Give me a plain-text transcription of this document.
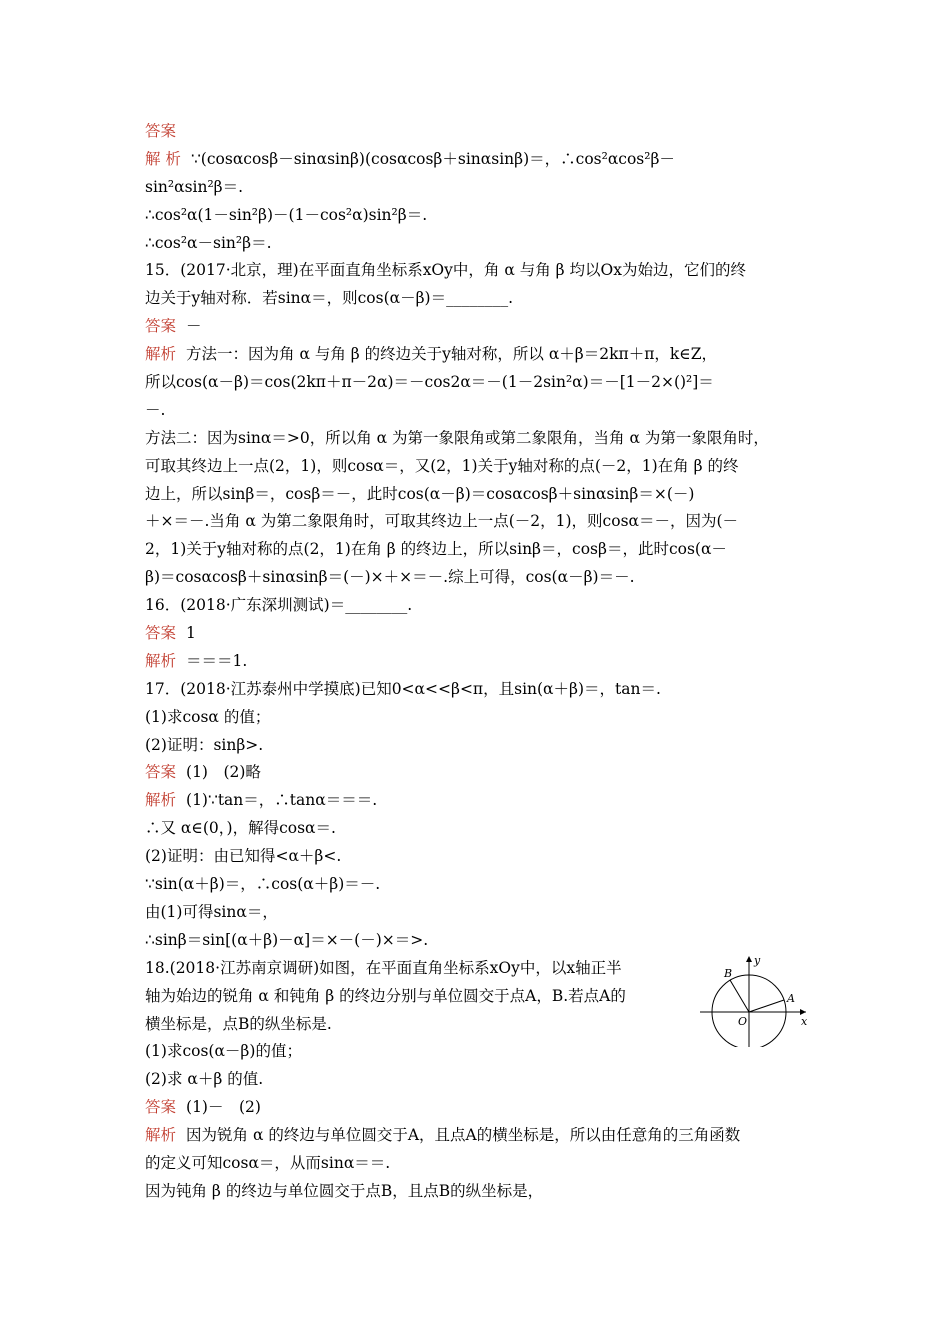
答案
解 析 ∵(cosαcosβ－sinαsinβ)(cosαcosβ＋sinαsinβ)＝，∴cos²αcos²β－
sin²αsin²β＝.
∴cos²α(1－sin²β)－(1－cos²α)sin²β＝.
∴cos²α－sin²β＝.
15．(2017·北京，理)在平面直角坐标系xOy中，角 α 与角 β 均以Ox为始边，它们的终
边关于y轴对称．若sinα＝，则cos(α－β)＝________.
答案 －
解析 方法一：因为角 α 与角 β 的终边关于y轴对称，所以 α＋β＝2kπ＋π，k∈Z，
所以cos(α－β)＝cos(2kπ＋π－2α)＝－cos2α＝－(1－2sin²α)＝－[1－2×()²]＝
－.
方法二：因为sinα＝>0，所以角 α 为第一象限角或第二象限角，当角 α 为第一象限角时，
可取其终边上一点(2，1)，则cosα＝，又(2，1)关于y轴对称的点(－2，1)在角 β 的终
边上，所以sinβ＝，cosβ＝－，此时cos(α－β)＝cosαcosβ＋sinαsinβ＝×(－)
＋×＝－.当角 α 为第二象限角时，可取其终边上一点(－2，1)，则cosα＝－，因为(－
2，1)关于y轴对称的点(2，1)在角 β 的终边上，所以sinβ＝，cosβ＝，此时cos(α－
β)＝cosαcosβ＋sinαsinβ＝(－)×＋×＝－.综上可得，cos(α－β)＝－.
16．(2018·广东深圳测试)＝________.
答案 1
解析 ＝＝＝1.
17．(2018·江苏泰州中学摸底)已知0<α<<β<π，且sin(α＋β)＝，tan＝.
(1)求cosα 的值；
(2)证明：sinβ>.
答案 (1)　(2)略
解析 (1)∵tan＝，∴tanα＝＝＝.
∴又 α∈(0，)，解得cosα＝.
(2)证明：由已知得<α＋β<.
∵sin(α＋β)＝，∴cos(α＋β)＝－.
由(1)可得sinα＝，
∴sinβ＝sin[(α＋β)－α]＝×－(－)×＝>.
18.(2018·江苏南京调研)如图，在平面直角坐标系xOy中，以x轴正半
轴为始边的锐角 α 和钝角 β 的终边分别与单位圆交于点A，B.若点A的
横坐标是，点B的纵坐标是.
(1)求cos(α－β)的值；
(2)求 α＋β 的值.
答案 (1)－　(2)
解析 因为锐角 α 的终边与单位圆交于A，且点A的横坐标是，所以由任意角的三角函数
的定义可知cosα＝，从而sinα＝＝.
因为钝角 β 的终边与单位圆交于点B，且点B的纵坐标是，
y
x
O
A
B
